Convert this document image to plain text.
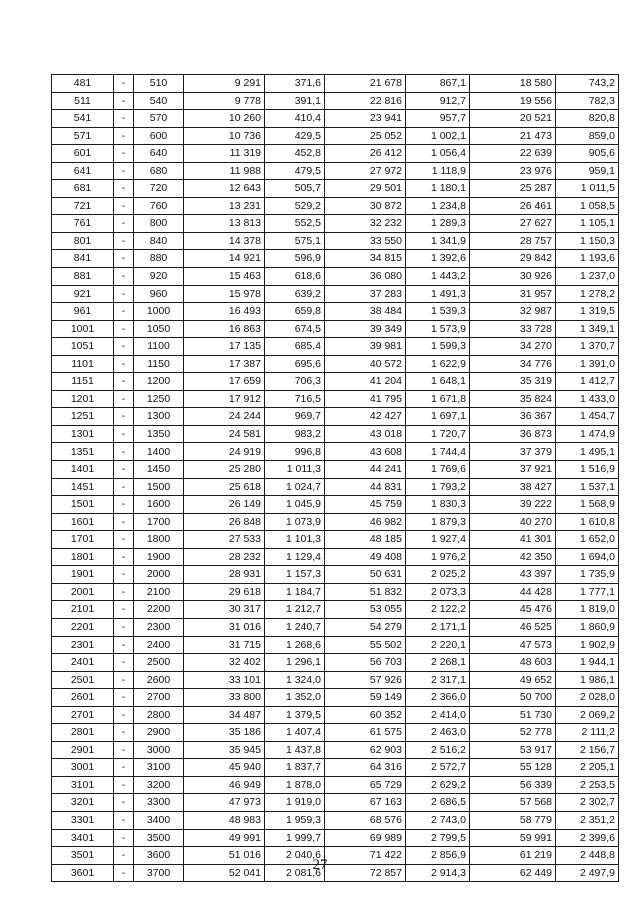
481	-	510	9 291	371,6	21 678	867,1	18 580	743,2
511	-	540	9 778	391,1	22 816	912,7	19 556	782,3
541	-	570	10 260	410,4	23 941	957,7	20 521	820,8
571	-	600	10 736	429,5	25 052	1 002,1	21 473	859,0
601	-	640	11 319	452,8	26 412	1 056,4	22 639	905,6
641	-	680	11 988	479,5	27 972	1 118,9	23 976	959,1
681	-	720	12 643	505,7	29 501	1 180,1	25 287	1 011,5
721	-	760	13 231	529,2	30 872	1 234,8	26 461	1 058,5
761	-	800	13 813	552,5	32 232	1 289,3	27 627	1 105,1
801	-	840	14 378	575,1	33 550	1 341,9	28 757	1 150,3
841	-	880	14 921	596,9	34 815	1 392,6	29 842	1 193,6
881	-	920	15 463	618,6	36 080	1 443,2	30 926	1 237,0
921	-	960	15 978	639,2	37 283	1 491,3	31 957	1 278,2
961	-	1000	16 493	659,8	38 484	1 539,3	32 987	1 319,5
1001	-	1050	16 863	674,5	39 349	1 573,9	33 728	1 349,1
1051	-	1100	17 135	685,4	39 981	1 599,3	34 270	1 370,7
1101	-	1150	17 387	695,6	40 572	1 622,9	34 776	1 391,0
1151	-	1200	17 659	706,3	41 204	1 648,1	35 319	1 412,7
1201	-	1250	17 912	716,5	41 795	1 671,8	35 824	1 433,0
1251	-	1300	24 244	969,7	42 427	1 697,1	36 367	1 454,7
1301	-	1350	24 581	983,2	43 018	1 720,7	36 873	1 474,9
1351	-	1400	24 919	996,8	43 608	1 744,4	37 379	1 495,1
1401	-	1450	25 280	1 011,3	44 241	1 769,6	37 921	1 516,9
1451	-	1500	25 618	1 024,7	44 831	1 793,2	38 427	1 537,1
1501	-	1600	26 149	1 045,9	45 759	1 830,3	39 222	1 568,9
1601	-	1700	26 848	1 073,9	46 982	1 879,3	40 270	1 610,8
1701	-	1800	27 533	1 101,3	48 185	1 927,4	41 301	1 652,0
1801	-	1900	28 232	1 129,4	49 408	1 976,2	42 350	1 694,0
1901	-	2000	28 931	1 157,3	50 631	2 025,2	43 397	1 735,9
2001	-	2100	29 618	1 184,7	51 832	2 073,3	44 428	1 777,1
2101	-	2200	30 317	1 212,7	53 055	2 122,2	45 476	1 819,0
2201	-	2300	31 016	1 240,7	54 279	2 171,1	46 525	1 860,9
2301	-	2400	31 715	1 268,6	55 502	2 220,1	47 573	1 902,9
2401	-	2500	32 402	1 296,1	56 703	2 268,1	48 603	1 944,1
2501	-	2600	33 101	1 324,0	57 926	2 317,1	49 652	1 986,1
2601	-	2700	33 800	1 352,0	59 149	2 366,0	50 700	2 028,0
2701	-	2800	34 487	1 379,5	60 352	2 414,0	51 730	2 069,2
2801	-	2900	35 186	1 407,4	61 575	2 463,0	52 778	2 111,2
2901	-	3000	35 945	1 437,8	62 903	2 516,2	53 917	2 156,7
3001	-	3100	45 940	1 837,7	64 316	2 572,7	55 128	2 205,1
3101	-	3200	46 949	1 878,0	65 729	2 629,2	56 339	2 253,5
3201	-	3300	47 973	1 919,0	67 163	2 686,5	57 568	2 302,7
3301	-	3400	48 983	1 959,3	68 576	2 743,0	58 779	2 351,2
3401	-	3500	49 991	1 999,7	69 989	2 799,5	59 991	2 399,6
3501	-	3600	51 016	2 040,6	71 422	2 856,9	61 219	2 448,8
3601	-	3700	52 041	2 081,6	72 857	2 914,3	62 449	2 497,9
27
